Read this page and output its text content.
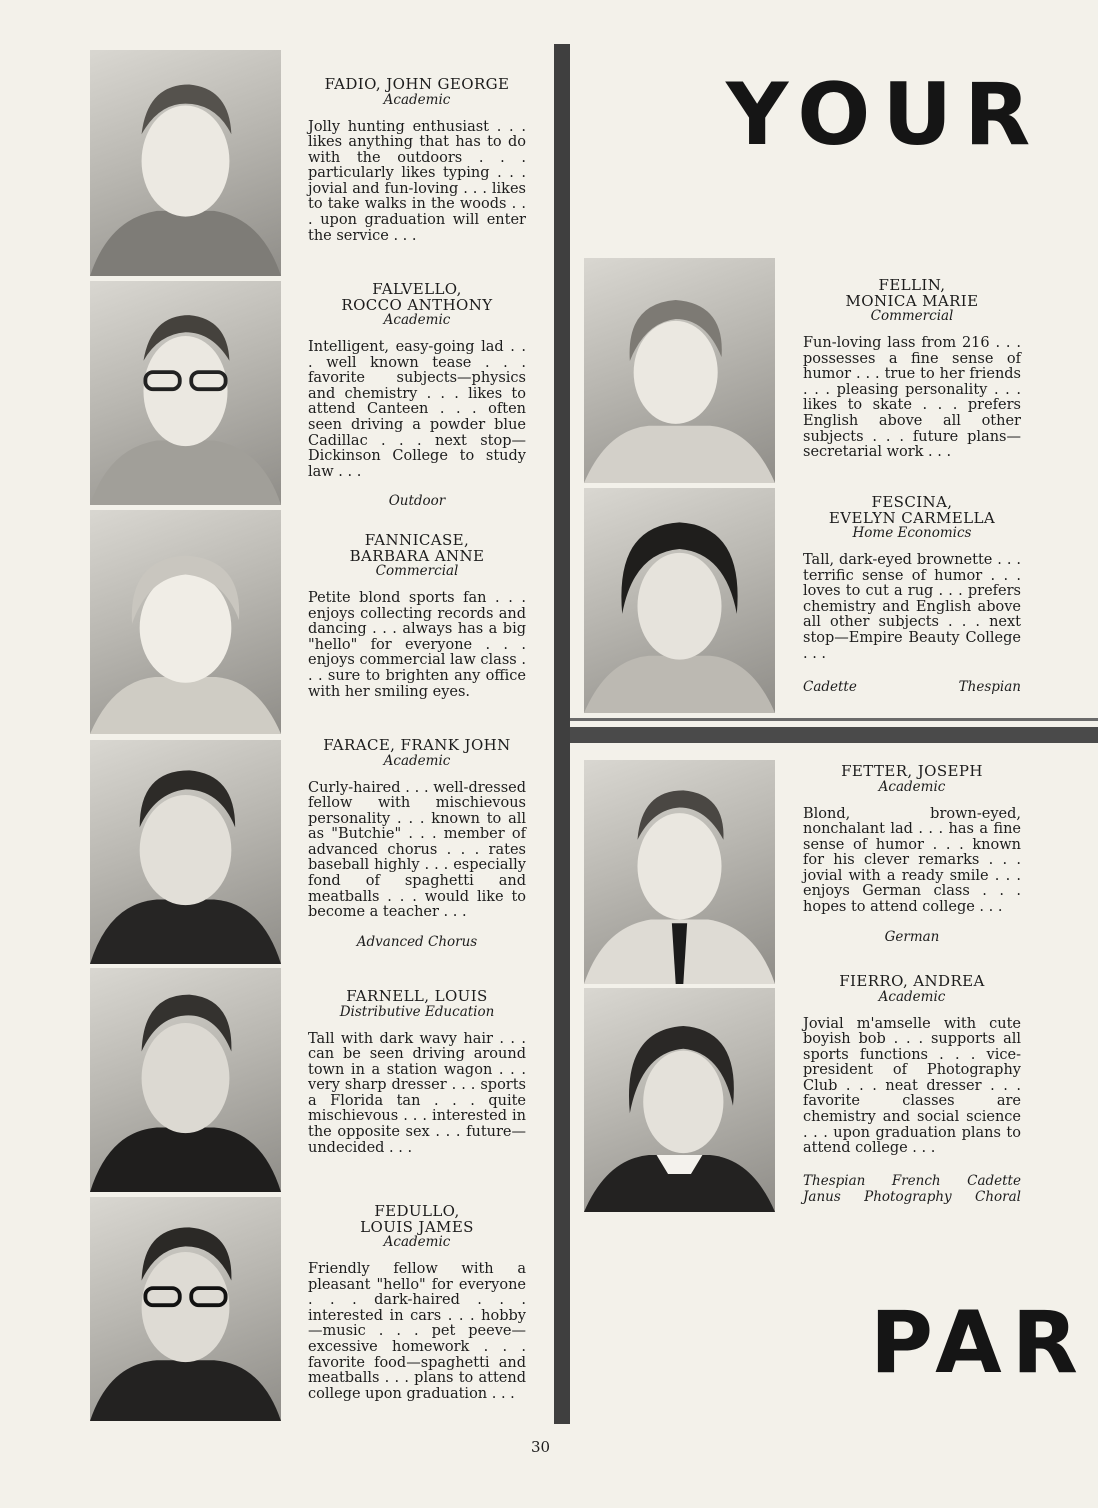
YOUR
PAR
FADIO, JOHN GEORGE
Academic
Jolly hunting enthusiast . . . likes anything that has to do with the outdoors . . . particularly likes typing . . . jovial and fun-loving . . . likes to take walks in the woods . . . upon graduation will enter the service . . .
FALVELLO,
ROCCO ANTHONY
Academic
Intelligent, easy-going lad . . . well known tease . . . favorite subjects—physics and chemistry . . . likes to attend Canteen . . . often seen driving a powder blue Cadillac . . . next stop—Dickinson College to study law . . .
Outdoor
FANNICASE,
BARBARA ANNE
Commercial
Petite blond sports fan . . . enjoys collecting records and dancing . . . always has a big "hello" for everyone . . . enjoys commercial law class . . . sure to brighten any office with her smiling eyes.
FARACE, FRANK JOHN
Academic
Curly-haired . . . well-dressed fellow with mischievous personality . . . known to all as "Butchie" . . . member of advanced chorus . . . rates baseball highly . . . especially fond of spaghetti and meatballs . . . would like to become a teacher . . .
Advanced Chorus
FARNELL, LOUIS
Distributive Education
Tall with dark wavy hair . . . can be seen driving around town in a station wagon . . . very sharp dresser . . . sports a Florida tan . . . quite mischievous . . . interested in the opposite sex . . . future—undecided . . .
FEDULLO,
LOUIS JAMES
Academic
Friendly fellow with a pleasant "hello" for everyone . . . dark-haired . . . interested in cars . . . hobby—music . . . pet peeve—excessive homework . . . favorite food—spaghetti and meatballs . . . plans to attend college upon graduation . . .
FELLIN,
MONICA MARIE
Commercial
Fun-loving lass from 216 . . . possesses a fine sense of humor . . . true to her friends . . . pleasing personality . . . likes to skate . . . prefers English above all other subjects . . . future plans—secretarial work . . .
FESCINA,
EVELYN CARMELLA
Home Economics
Tall, dark-eyed brownette . . . terrific sense of humor . . . loves to cut a rug . . . prefers chemistry and English above all other subjects . . . next stop—Empire Beauty College . . .
Cadette	Thespian
FETTER, JOSEPH
Academic
Blond, brown-eyed, nonchalant lad . . . has a fine sense of humor . . . known for his clever remarks . . . jovial with a ready smile . . . enjoys German class . . . hopes to attend college . . .
German
FIERRO, ANDREA
Academic
Jovial m'amselle with cute boyish bob . . . supports all sports functions . . . vice-president of Photography Club . . . neat dresser . . . favorite classes are chemistry and social science . . . upon graduation plans to attend college . . .
Thespian French Cadette
Janus Photography Choral
30
